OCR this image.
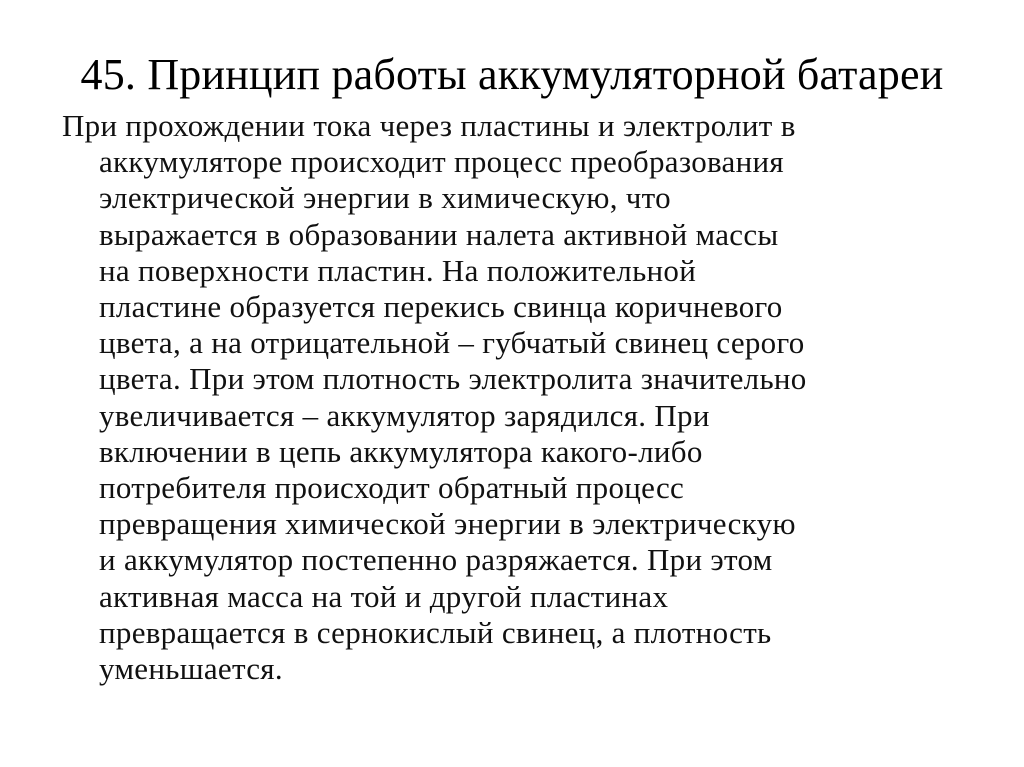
45. Принцип работы аккумуляторной батареи
При прохождении тока через пластины и электролит в
аккумуляторе происходит процесс преобразования
электрической энергии в химическую, что
выражается в образовании налета активной массы
на поверхности пластин. На положительной
пластине образуется перекись свинца коричневого
цвета, а на отрицательной – губчатый свинец серого
цвета. При этом плотность электролита значительно
увеличивается – аккумулятор зарядился. При
включении в цепь аккумулятора какого-либо
потребителя происходит обратный процесс
превращения химической энергии в электрическую
и аккумулятор постепенно разряжается. При этом
активная масса на той и другой пластинах
превращается в сернокислый свинец, а плотность
уменьшается.
